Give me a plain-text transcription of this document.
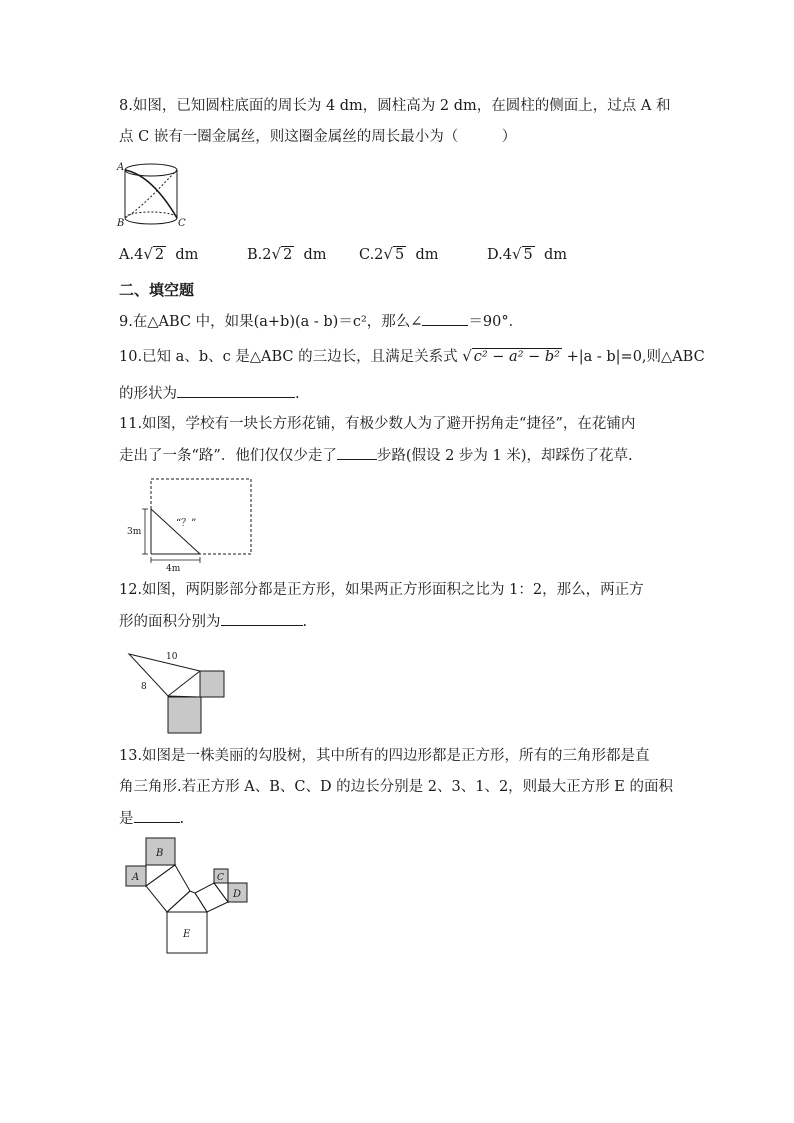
8.如图，已知圆柱底面的周长为 4 dm，圆柱高为 2 dm，在圆柱的侧面上，过点 A 和
点 C 嵌有一圈金属丝，则这圈金属丝的周长最小为（　　　）
A
B	C
A.4√ 2 dm	B.2√ 2 dm C.2√ 5 dm	D.4√ 5 dm
二、填空题
9.在△ABC 中，如果(a+b)(a - b)＝c²，那么∠	＝90°．
10.已知 a、b、c 是△ABC 的三边长，且满足关系式 √ c² − a² − b² +|a - b|=0,则△ABC
的形状为	.
11.如图，学校有一块长方形花铺，有极少数人为了避开拐角走“捷径”，在花铺内
走出了一条“路”．他们仅仅少走了	步路(假设 2 步为 1 米)，却踩伤了花草.
3m
4m
“？”
12.如图，两阴影部分都是正方形，如果两正方形面积之比为 1：2，那么，两正方
形的面积分别为	.
10
8
13.如图是一株美丽的勾股树，其中所有的四边形都是正方形，所有的三角形都是直
角三角形.若正方形 A、B、C、D 的边长分别是 2、3、1、2，则最大正方形 E 的面积
是	.
A
B
C
D
E
